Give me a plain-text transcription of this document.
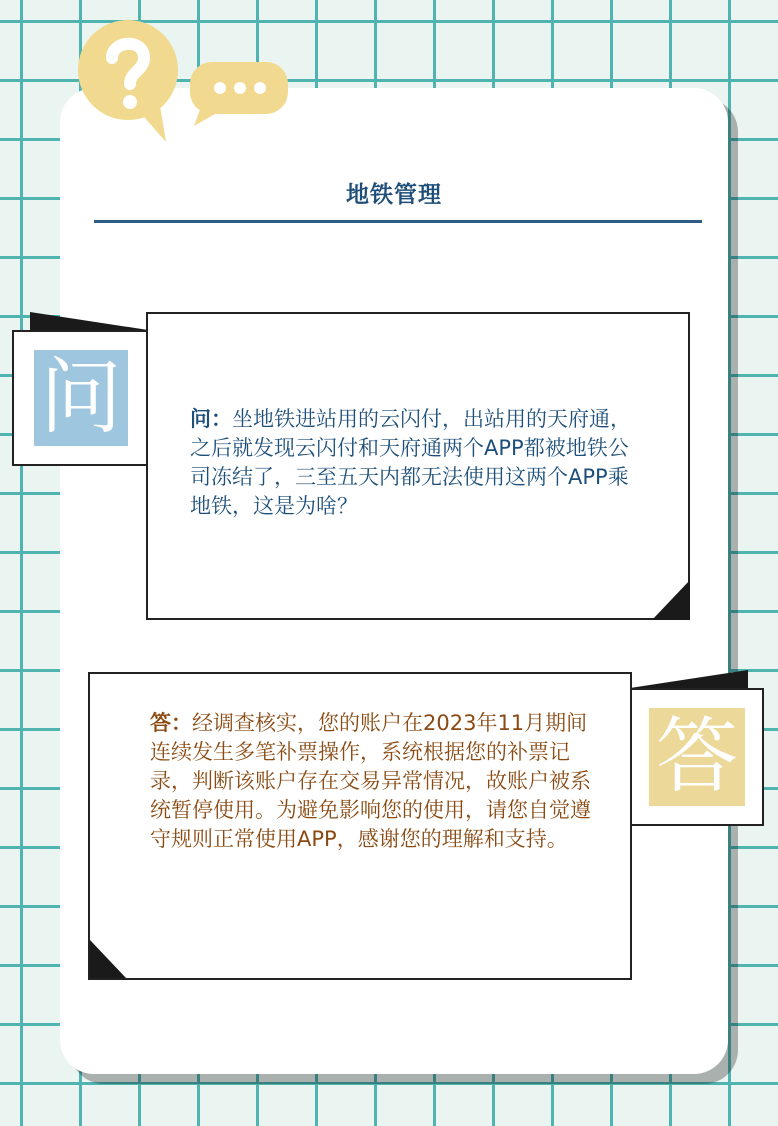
地铁管理
问	问：坐地铁进站用的云闪付，出站用的天府通，之后就发现云闪付和天府通两个APP都被地铁公司冻结了，三至五天内都无法使用这两个APP乘地铁，这是为啥？
答
答：经调查核实，您的账户在2023年11月期间连续发生多笔补票操作，系统根据您的补票记录，判断该账户存在交易异常情况，故账户被系统暂停使用。为避免影响您的使用，请您自觉遵守规则正常使用APP，感谢您的理解和支持。
